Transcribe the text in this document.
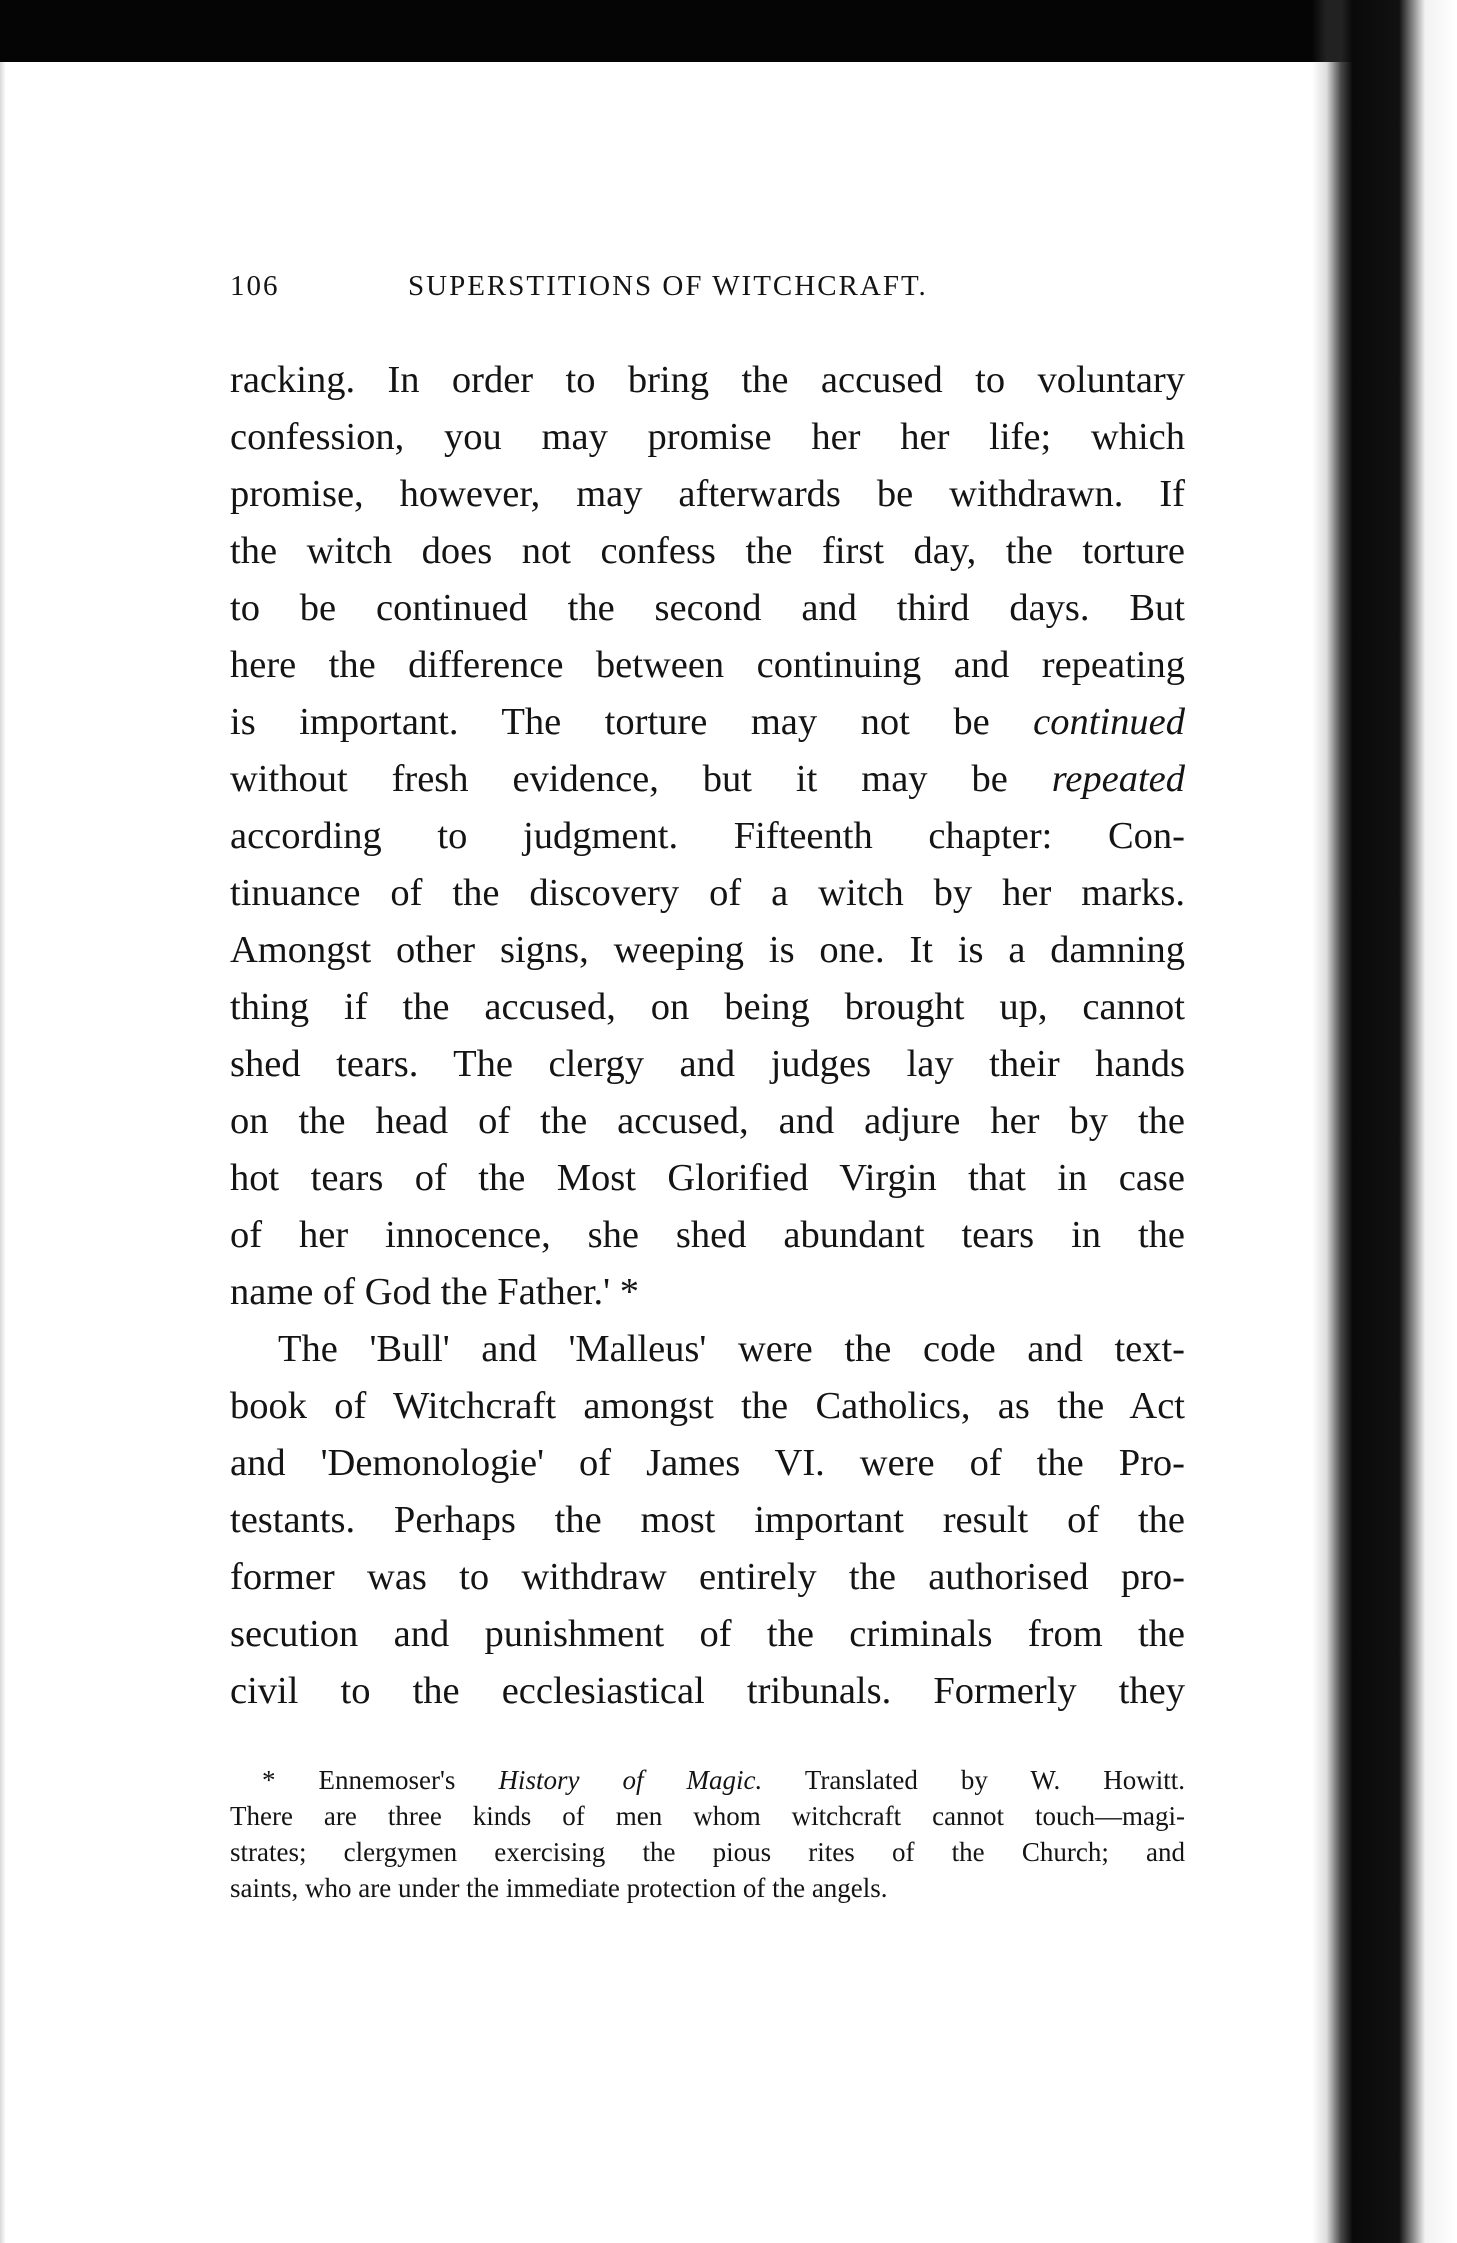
106	SUPERSTITIONS OF WITCHCRAFT.
racking. In order to bring the accused to voluntary
confession, you may promise her her life; which
promise, however, may afterwards be withdrawn. If
the witch does not confess the first day, the torture
to be continued the second and third days. But
here the difference between continuing and repeating
is important. The torture may not be continued
without fresh evidence, but it may be repeated
according to judgment. Fifteenth chapter: Con-
tinuance of the discovery of a witch by her marks.
Amongst other signs, weeping is one. It is a damning
thing if the accused, on being brought up, cannot
shed tears. The clergy and judges lay their hands
on the head of the accused, and adjure her by the
hot tears of the Most Glorified Virgin that in case
of her innocence, she shed abundant tears in the
name of God the Father.' *
The 'Bull' and 'Malleus' were the code and text-
book of Witchcraft amongst the Catholics, as the Act
and 'Demonologie' of James VI. were of the Pro-
testants. Perhaps the most important result of the
former was to withdraw entirely the authorised pro-
secution and punishment of the criminals from the
civil to the ecclesiastical tribunals. Formerly they
* Ennemoser's History of Magic. Translated by W. Howitt.
There are three kinds of men whom witchcraft cannot touch—magi-
strates; clergymen exercising the pious rites of the Church; and
saints, who are under the immediate protection of the angels.
